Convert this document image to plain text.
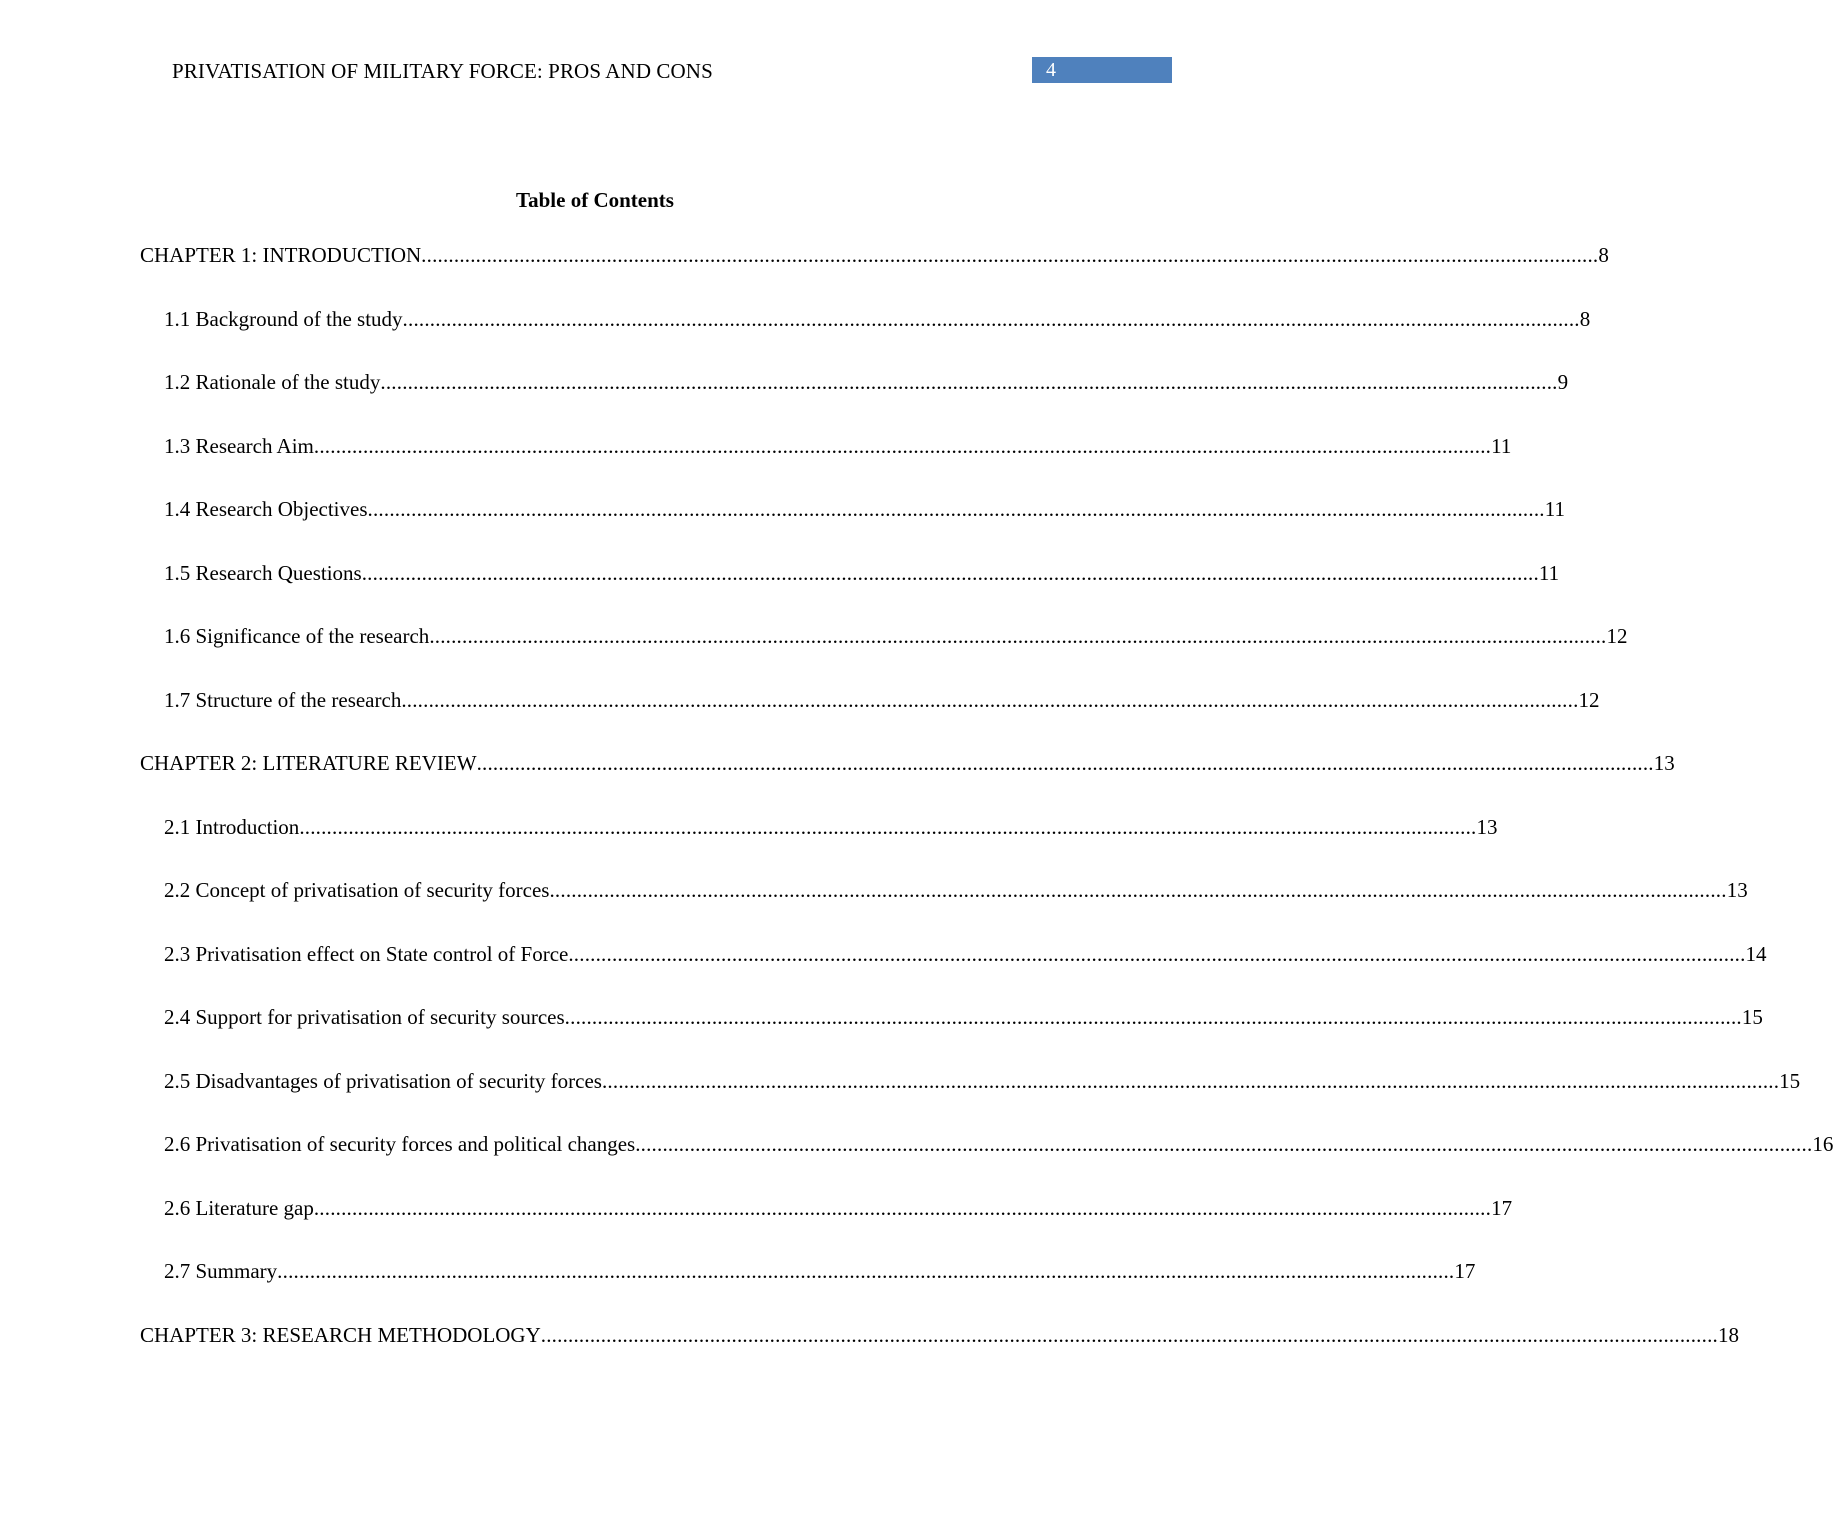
PRIVATISATION OF MILITARY FORCE: PROS AND CONS	4
Table of Contents
CHAPTER 1: INTRODUCTION ........................................................................................................................................................................................................................ 8
1.1 Background of the study ........................................................................................................................................................................................................................ 8
1.2 Rationale of the study ........................................................................................................................................................................................................................ 9
1.3 Research Aim ........................................................................................................................................................................................................................ 11
1.4 Research Objectives ........................................................................................................................................................................................................................ 11
1.5 Research Questions ........................................................................................................................................................................................................................ 11
1.6 Significance of the research ........................................................................................................................................................................................................................ 12
1.7 Structure of the research ........................................................................................................................................................................................................................ 12
CHAPTER 2: LITERATURE REVIEW ........................................................................................................................................................................................................................ 13
2.1 Introduction ........................................................................................................................................................................................................................ 13
2.2 Concept of privatisation of security forces ........................................................................................................................................................................................................................ 13
2.3 Privatisation effect on State control of Force ........................................................................................................................................................................................................................ 14
2.4 Support for privatisation of security sources ........................................................................................................................................................................................................................ 15
2.5 Disadvantages of privatisation of security forces ........................................................................................................................................................................................................................ 15
2.6 Privatisation of security forces and political changes ........................................................................................................................................................................................................................ 16
2.6 Literature gap ........................................................................................................................................................................................................................ 17
2.7 Summary ........................................................................................................................................................................................................................ 17
CHAPTER 3: RESEARCH METHODOLOGY ........................................................................................................................................................................................................................ 18
